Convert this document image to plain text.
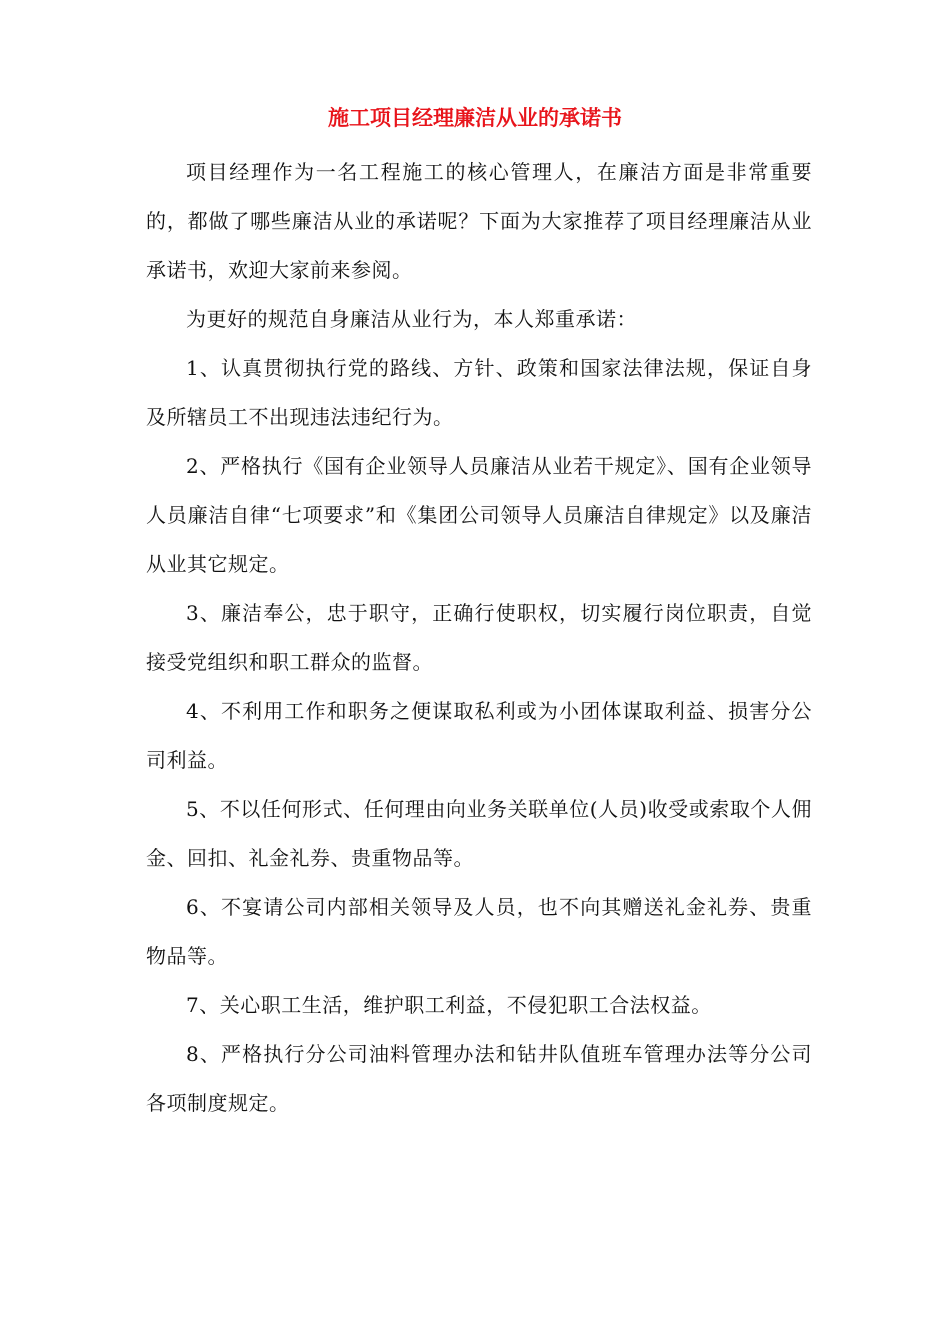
施工项目经理廉洁从业的承诺书

项目经理作为一名工程施工的核心管理人，在廉洁方面是非常重要的，都做了哪些廉洁从业的承诺呢？下面为大家推荐了项目经理廉洁从业承诺书，欢迎大家前来参阅。

为更好的规范自身廉洁从业行为，本人郑重承诺：

1、认真贯彻执行党的路线、方针、政策和国家法律法规，保证自身及所辖员工不出现违法违纪行为。

2、严格执行《国有企业领导人员廉洁从业若干规定》、国有企业领导人员廉洁自律“七项要求”和《集团公司领导人员廉洁自律规定》以及廉洁从业其它规定。

3、廉洁奉公，忠于职守，正确行使职权，切实履行岗位职责，自觉接受党组织和职工群众的监督。

4、不利用工作和职务之便谋取私利或为小团体谋取利益、损害分公司利益。

5、不以任何形式、任何理由向业务关联单位(人员)收受或索取个人佣金、回扣、礼金礼券、贵重物品等。

6、不宴请公司内部相关领导及人员，也不向其赠送礼金礼券、贵重物品等。

7、关心职工生活，维护职工利益，不侵犯职工合法权益。

8、严格执行分公司油料管理办法和钻井队值班车管理办法等分公司各项制度规定。
